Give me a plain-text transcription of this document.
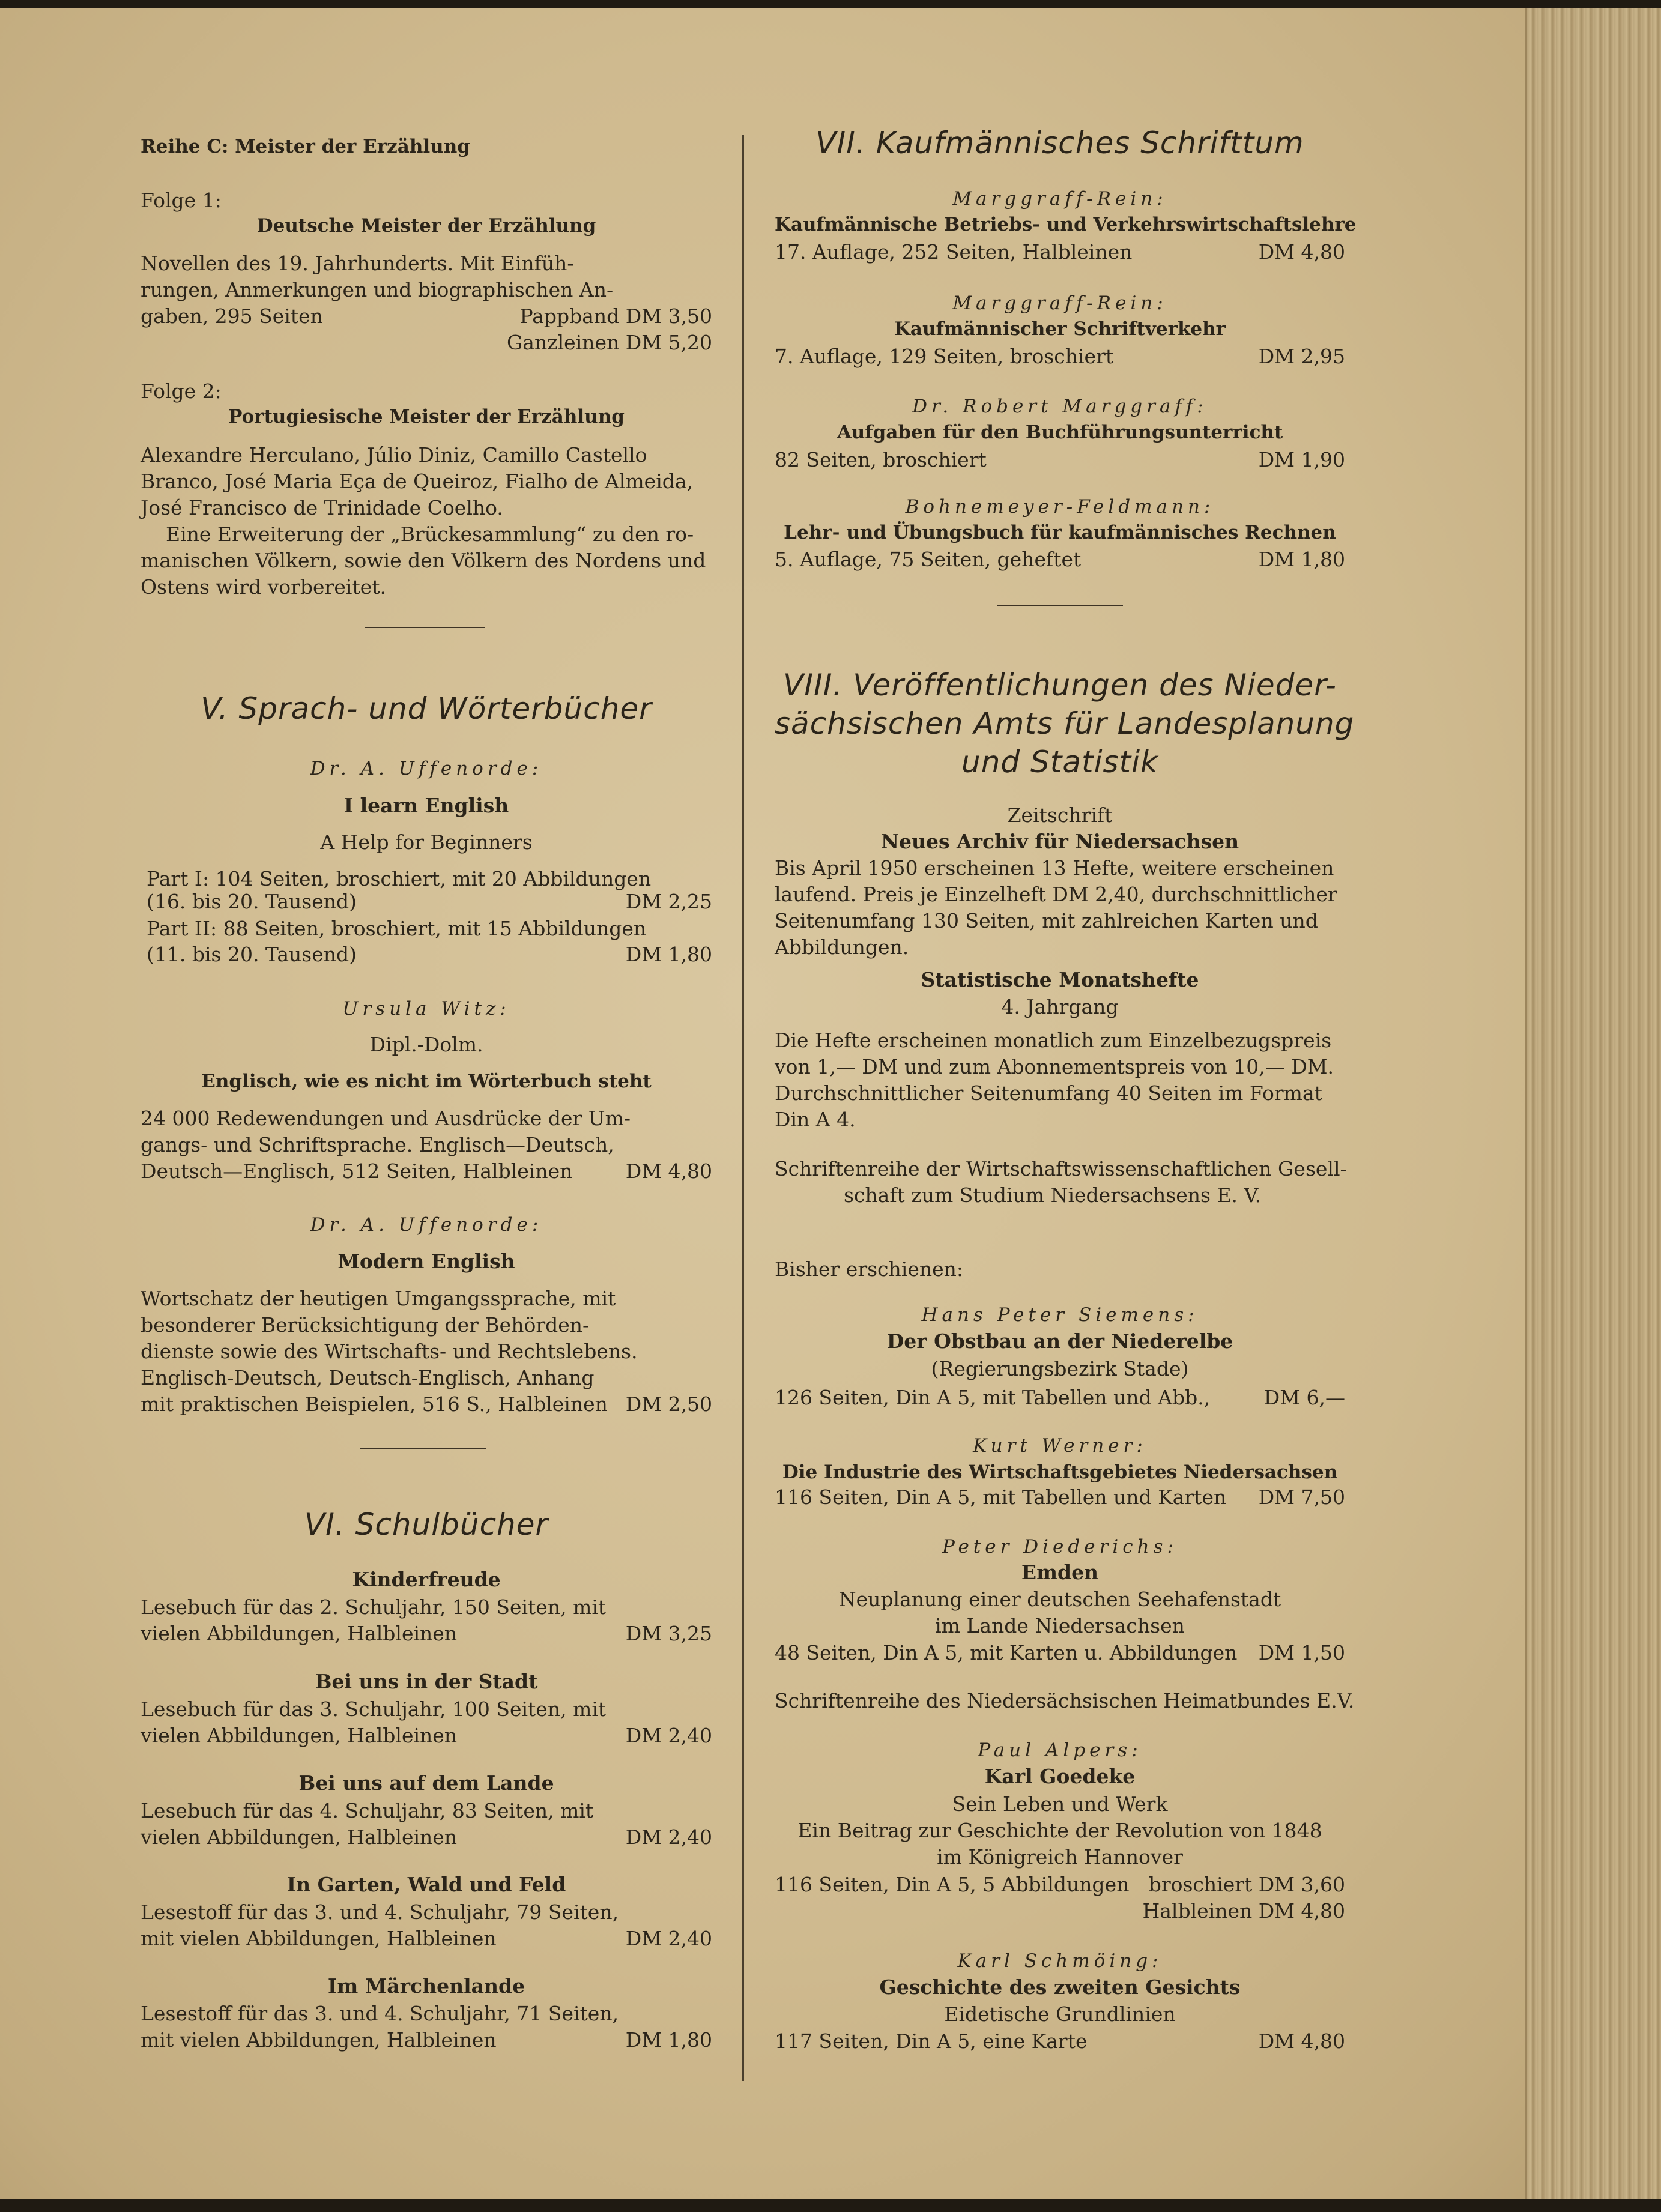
Reihe C: Meister der Erzählung
Folge 1:
Deutsche Meister der Erzählung
Novellen des 19. Jahrhunderts. Mit Einfüh-
rungen, Anmerkungen und biographischen An-
gaben, 295 Seiten	Pappband DM 3,50
Ganzleinen DM 5,20
Folge 2:
Portugiesische Meister der Erzählung
Alexandre Herculano, Júlio Diniz, Camillo Castello
Branco, José Maria Eça de Queiroz, Fialho de Almeida,
José Francisco de Trinidade Coelho.
Eine Erweiterung der „Brückesammlung“ zu den ro-
manischen Völkern, sowie den Völkern des Nordens und
Ostens wird vorbereitet.
V. Sprach- und Wörterbücher
Dr. A. Uffenorde:
I learn English
A Help for Beginners
Part I: 104 Seiten, broschiert, mit 20 Abbildungen
(16. bis 20. Tausend)	DM 2,25
Part II: 88 Seiten, broschiert, mit 15 Abbildungen
(11. bis 20. Tausend)	DM 1,80
Ursula Witz:
Dipl.-Dolm.
Englisch, wie es nicht im Wörterbuch steht
24 000 Redewendungen und Ausdrücke der Um-
gangs- und Schriftsprache. Englisch—Deutsch,
Deutsch—Englisch, 512 Seiten, Halbleinen	DM 4,80
Dr. A. Uffenorde:
Modern English
Wortschatz der heutigen Umgangssprache, mit
besonderer Berücksichtigung der Behörden-
dienste sowie des Wirtschafts- und Rechtslebens.
Englisch-Deutsch, Deutsch-Englisch, Anhang
mit praktischen Beispielen, 516 S., Halbleinen DM 2,50
VI. Schulbücher
Kinderfreude
Lesebuch für das 2. Schuljahr, 150 Seiten, mit
vielen Abbildungen, Halbleinen	DM 3,25
Bei uns in der Stadt
Lesebuch für das 3. Schuljahr, 100 Seiten, mit
vielen Abbildungen, Halbleinen	DM 2,40
Bei uns auf dem Lande
Lesebuch für das 4. Schuljahr, 83 Seiten, mit
vielen Abbildungen, Halbleinen	DM 2,40
In Garten, Wald und Feld
Lesestoff für das 3. und 4. Schuljahr, 79 Seiten,
mit vielen Abbildungen, Halbleinen	DM 2,40
Im Märchenlande
Lesestoff für das 3. und 4. Schuljahr, 71 Seiten,
mit vielen Abbildungen, Halbleinen	DM 1,80
VII. Kaufmännisches Schrifttum
Marggraff-Rein:
Kaufmännische Betriebs- und Verkehrswirtschaftslehre
17. Auflage, 252 Seiten, Halbleinen	DM 4,80
Marggraff-Rein:
Kaufmännischer Schriftverkehr
7. Auflage, 129 Seiten, broschiert	DM 2,95
Dr. Robert Marggraff:
Aufgaben für den Buchführungsunterricht
82 Seiten, broschiert	DM 1,90
Bohnemeyer-Feldmann:
Lehr- und Übungsbuch für kaufmännisches Rechnen
5. Auflage, 75 Seiten, geheftet	DM 1,80
VIII. Veröffentlichungen des Nieder-
sächsischen Amts für Landesplanung
und Statistik
Zeitschrift
Neues Archiv für Niedersachsen
Bis April 1950 erscheinen 13 Hefte, weitere erscheinen
laufend. Preis je Einzelheft DM 2,40, durchschnittlicher
Seitenumfang 130 Seiten, mit zahlreichen Karten und
Abbildungen.
Statistische Monatshefte
4. Jahrgang
Die Hefte erscheinen monatlich zum Einzelbezugspreis
von 1,— DM und zum Abonnementspreis von 10,— DM.
Durchschnittlicher Seitenumfang 40 Seiten im Format
Din A 4.
Schriftenreihe der Wirtschaftswissenschaftlichen Gesell-
schaft zum Studium Niedersachsens E. V.
Bisher erschienen:
Hans Peter Siemens:
Der Obstbau an der Niederelbe
(Regierungsbezirk Stade)
126 Seiten, Din A 5, mit Tabellen und Abb.,	DM 6,—
Kurt Werner:
Die Industrie des Wirtschaftsgebietes Niedersachsen
116 Seiten, Din A 5, mit Tabellen und Karten DM 7,50
Peter Diederichs:
Emden
Neuplanung einer deutschen Seehafenstadt
im Lande Niedersachsen
48 Seiten, Din A 5, mit Karten u. Abbildungen DM 1,50
Schriftenreihe des Niedersächsischen Heimatbundes E.V.
Paul Alpers:
Karl Goedeke
Sein Leben und Werk
Ein Beitrag zur Geschichte der Revolution von 1848
im Königreich Hannover
116 Seiten, Din A 5, 5 Abbildungen broschiert DM 3,60
Halbleinen DM 4,80
Karl Schmöing:
Geschichte des zweiten Gesichts
Eidetische Grundlinien
117 Seiten, Din A 5, eine Karte	DM 4,80
